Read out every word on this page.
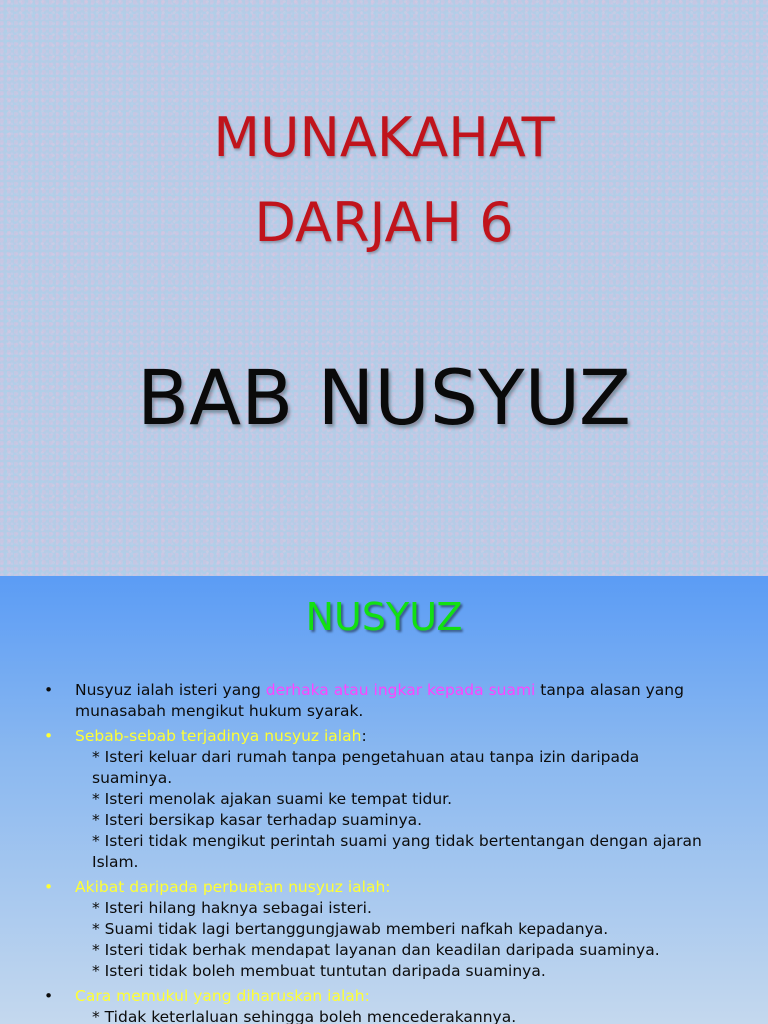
MUNAKAHAT
DARJAH 6
BAB NUSYUZ
NUSYUZ
•	Nusyuz ialah isteri yang derhaka atau ingkar kepada suami tanpa alasan yang munasabah mengikut hukum syarak.
•	Sebab-sebab terjadinya nusyuz ialah:
* Isteri keluar dari rumah tanpa pengetahuan atau tanpa izin daripada suaminya.
* Isteri menolak ajakan suami ke tempat tidur.
* Isteri bersikap kasar terhadap suaminya.
* Isteri tidak mengikut perintah suami yang tidak bertentangan dengan ajaran Islam.
•	Akibat daripada perbuatan nusyuz ialah:
* Isteri hilang haknya sebagai isteri.
* Suami tidak lagi bertanggungjawab memberi nafkah kepadanya.
* Isteri tidak berhak mendapat layanan dan keadilan daripada suaminya.
* Isteri tidak boleh membuat tuntutan daripada suaminya.
•	Cara memukul yang diharuskan ialah:
* Tidak keterlaluan sehingga boleh mencederakannya.
